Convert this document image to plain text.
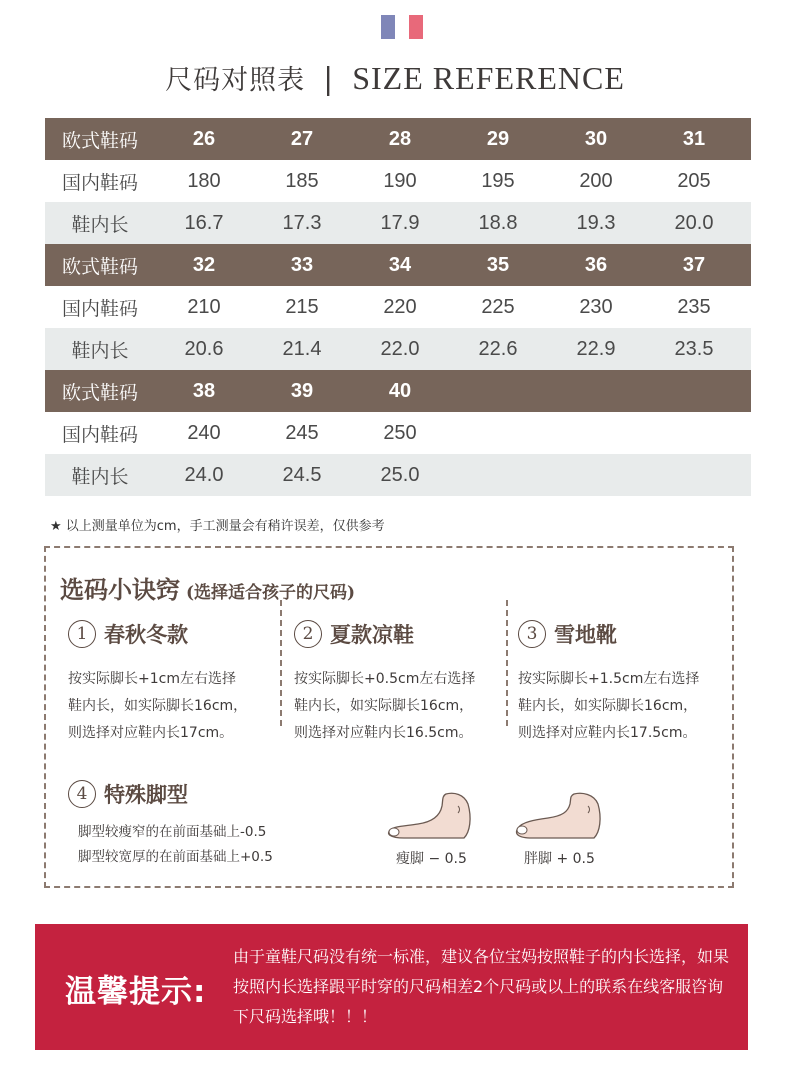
尺码对照表 | SIZE REFERENCE
欧式鞋码	26	27	28	29	30	31
国内鞋码	180	185	190	195	200	205
鞋内长	16.7	17.3	17.9	18.8	19.3	20.0
欧式鞋码	32	33	34	35	36	37
国内鞋码	210	215	220	225	230	235
鞋内长	20.6	21.4	22.0	22.6	22.9	23.5
欧式鞋码	38	39	40
国内鞋码	240	245	250
鞋内长	24.0	24.5	25.0
★ 以上测量单位为cm，手工测量会有稍许误差，仅供参考
选码小诀窍 (选择适合孩子的尺码)
1 春秋冬款
按实际脚长+1cm左右选择
鞋内长，如实际脚长16cm，
则选择对应鞋内长17cm。
2 夏款凉鞋
按实际脚长+0.5cm左右选择
鞋内长，如实际脚长16cm，
则选择对应鞋内长16.5cm。
3 雪地靴
按实际脚长+1.5cm左右选择
鞋内长，如实际脚长16cm，
则选择对应鞋内长17.5cm。
4 特殊脚型
脚型较瘦窄的在前面基础上-0.5
脚型较宽厚的在前面基础上+0.5	瘦脚 − 0.5	胖脚 + 0.5
温馨提示:
由于童鞋尺码没有统一标准，建议各位宝妈按照鞋子的内长选择，如果按照内长选择跟平时穿的尺码相差2个尺码或以上的联系在线客服咨询下尺码选择哦！！！
